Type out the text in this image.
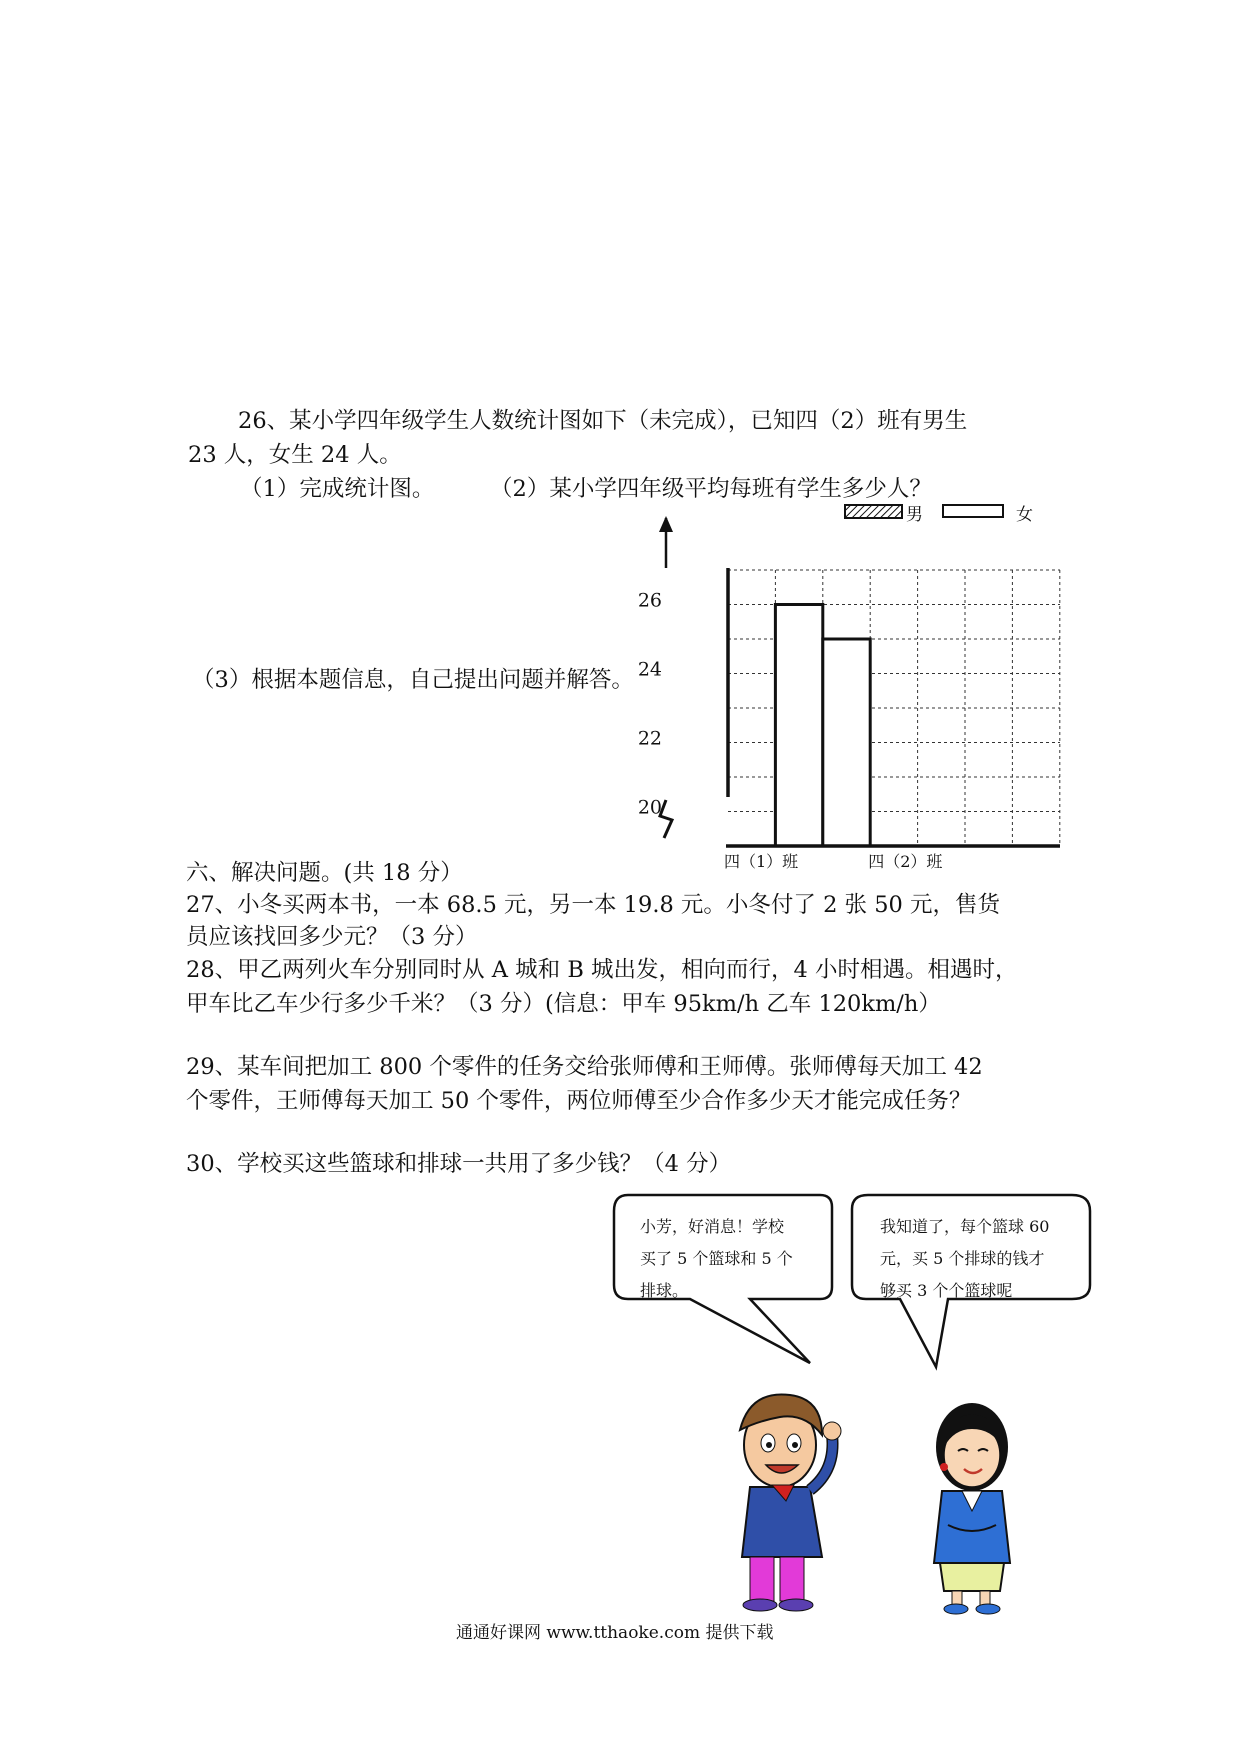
26、某小学四年级学生人数统计图如下（未完成），已知四（2）班有男生
23 人，女生 24 人。
（1）完成统计图。 （2）某小学四年级平均每班有学生多少人？
（3）根据本题信息，自己提出问题并解答。
男	女
26
24
22
20
四（1）班	四（2）班
六、解决问题。(共 18 分）
27、小冬买两本书，一本 68.5 元，另一本 19.8 元。小冬付了 2 张 50 元，售货
员应该找回多少元？（3 分）
28、甲乙两列火车分别同时从 A 城和 B 城出发，相向而行，4 小时相遇。相遇时，
甲车比乙车少行多少千米？（3 分）(信息：甲车 95km/h 乙车 120km/h）
29、某车间把加工 800 个零件的任务交给张师傅和王师傅。张师傅每天加工 42
个零件，王师傅每天加工 50 个零件，两位师傅至少合作多少天才能完成任务？
30、学校买这些篮球和排球一共用了多少钱？（4 分）
小芳，好消息！学校
买了 5 个篮球和 5 个
排球。
我知道了，每个篮球 60
元，买 5 个排球的钱才
够买 3 个个篮球呢
通通好课网 www.tthaoke.com 提供下载
